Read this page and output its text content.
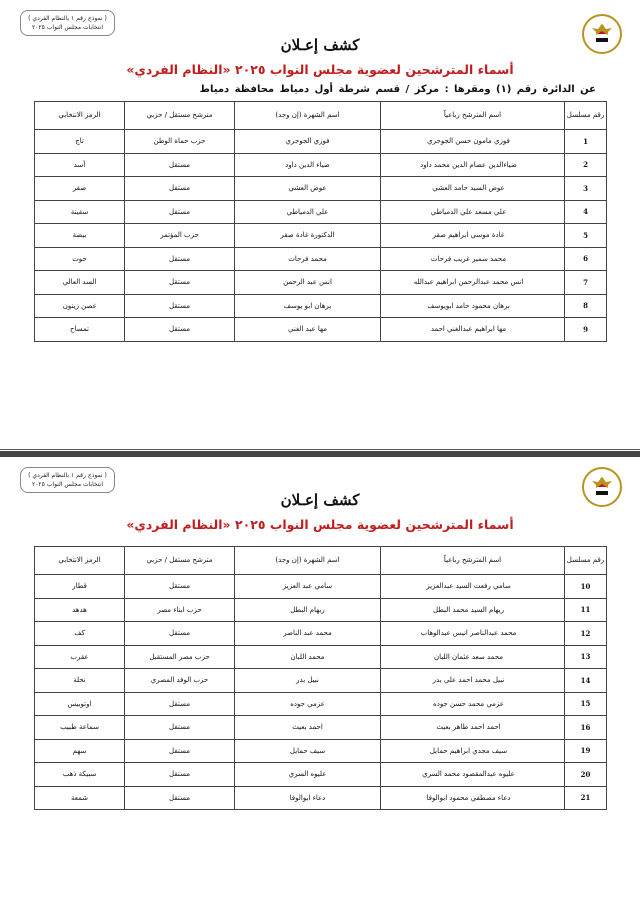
( نموذج رقم ١ بالنظام الفردي )
انتخابات مجلس النواب ٢٠٢٥
كشف إعـلان
أسماء المترشحين لعضوية مجلس النواب ٢٠٢٥ «النظام الفردي»
عن الدائرة رقم (١) ومقرها : مركز / قسم شرطة أول دمياط محافظة دمياط
رقم مسلسل	اسم المترشح رباعياً	اسم الشهرة (إن وجد)	مترشح مستقل / حزبي	الرمز الانتخابي
1	فوزي مامون حسن الجوجري	فوزي الجوجري	حزب حماة الوطن	تاج
2	ضياءالدين عصام الدين محمد داود	ضياء الدين داود	مستقل	أسد
3	عوض السيد حامد العشي	عوض العشي	مستقل	صقر
4	علي مسعد علي الدمياطي	علي الدمياطي	مستقل	سفينة
5	غادة موسي ابراهيم صقر	الدكتورة غادة صقر	حزب المؤتمر	بيضة
6	محمد سمير غريب فرحات	محمد فرحات	مستقل	حوت
7	انس محمد عبدالرحمن ابراهيم عبدالله	انس عبد الرحمن	مستقل	السد العالي
8	برهان محمود حامد ابويوسف	برهان ابو يوسف	مستقل	غصن زيتون
9	مها ابراهيم عبدالغني احمد	مها عبد الغني	مستقل	تمساح
( نموذج رقم ١ بالنظام الفردي )
انتخابات مجلس النواب ٢٠٢٥
كشف إعـلان
أسماء المترشحين لعضوية مجلس النواب ٢٠٢٥ «النظام الفردي»
رقم مسلسل	اسم المترشح رباعياً	اسم الشهرة (إن وجد)	مترشح مستقل / حزبي	الرمز الانتخابي
10	سامي رفعت السيد عبدالعزيز	سامي عبد العزيز	مستقل	قطار
11	ريهام السيد محمد البطل	ريهام البطل	حزب ابناء مصر	هدهد
12	محمد عبدالناصر انيس عبدالوهاب	محمد عبد الناصر	مستقل	كف
13	محمد سعد عثمان اللبان	محمد اللبان	حزب مصر المستقبل	عقرب
14	نبيل محمد احمد علي بدر	نبيل بدر	حزب الوفد المصري	نخلة
15	عزمي محمد حسن جوده	عزمي جوده	مستقل	اوتوبيس
16	احمد احمد طاهر بعيث	احمد بعيث	مستقل	سماعة طبيب
19	سيف مجدي ابراهيم حمايل	سيف حمايل	مستقل	سهم
20	عليوه عبدالمقصود محمد السري	عليوه السري	مستقل	سبيكة ذهب
21	دعاء مصطفي محمود ابوالوفا	دعاء ابوالوفا	مستقل	شمعة
